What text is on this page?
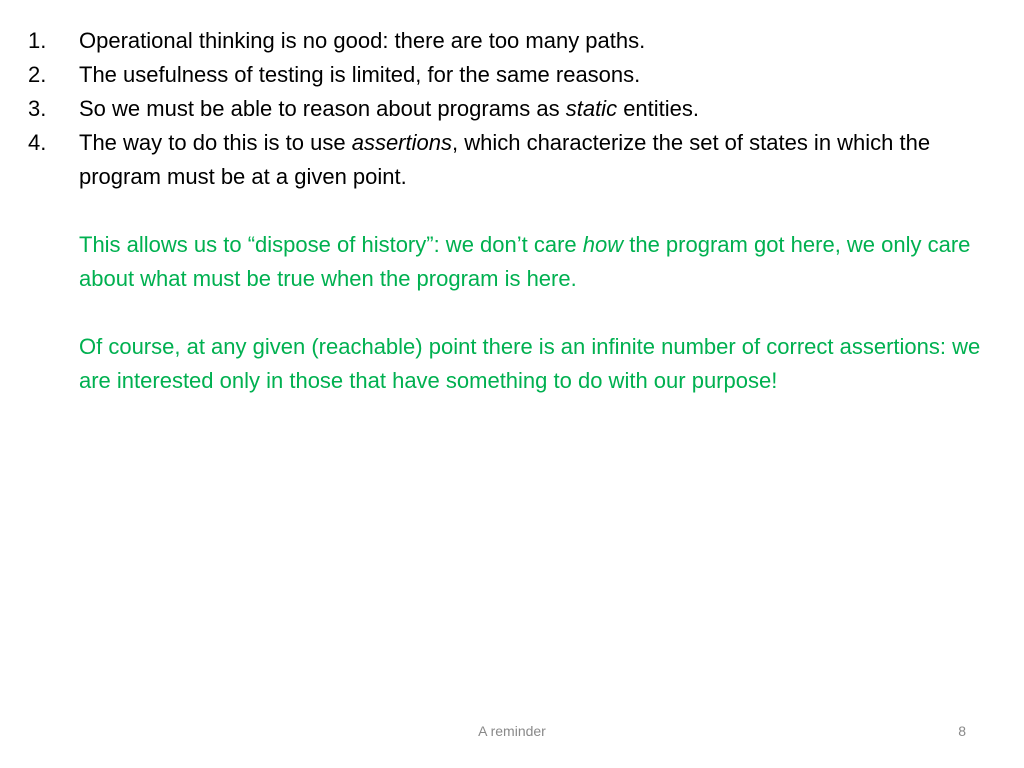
1. Operational thinking is no good: there are too many paths.
2. The usefulness of testing is limited, for the same reasons.
3. So we must be able to reason about programs as static entities.
4. The way to do this is to use assertions, which characterize the set of states in which the program must be at a given point.

This allows us to “dispose of history”: we don’t care how the program got here, we only care about what must be true when the program is here.

Of course, at any given (reachable) point there is an infinite number of correct assertions: we are interested only in those that have something to do with our purpose!

A reminder	8
